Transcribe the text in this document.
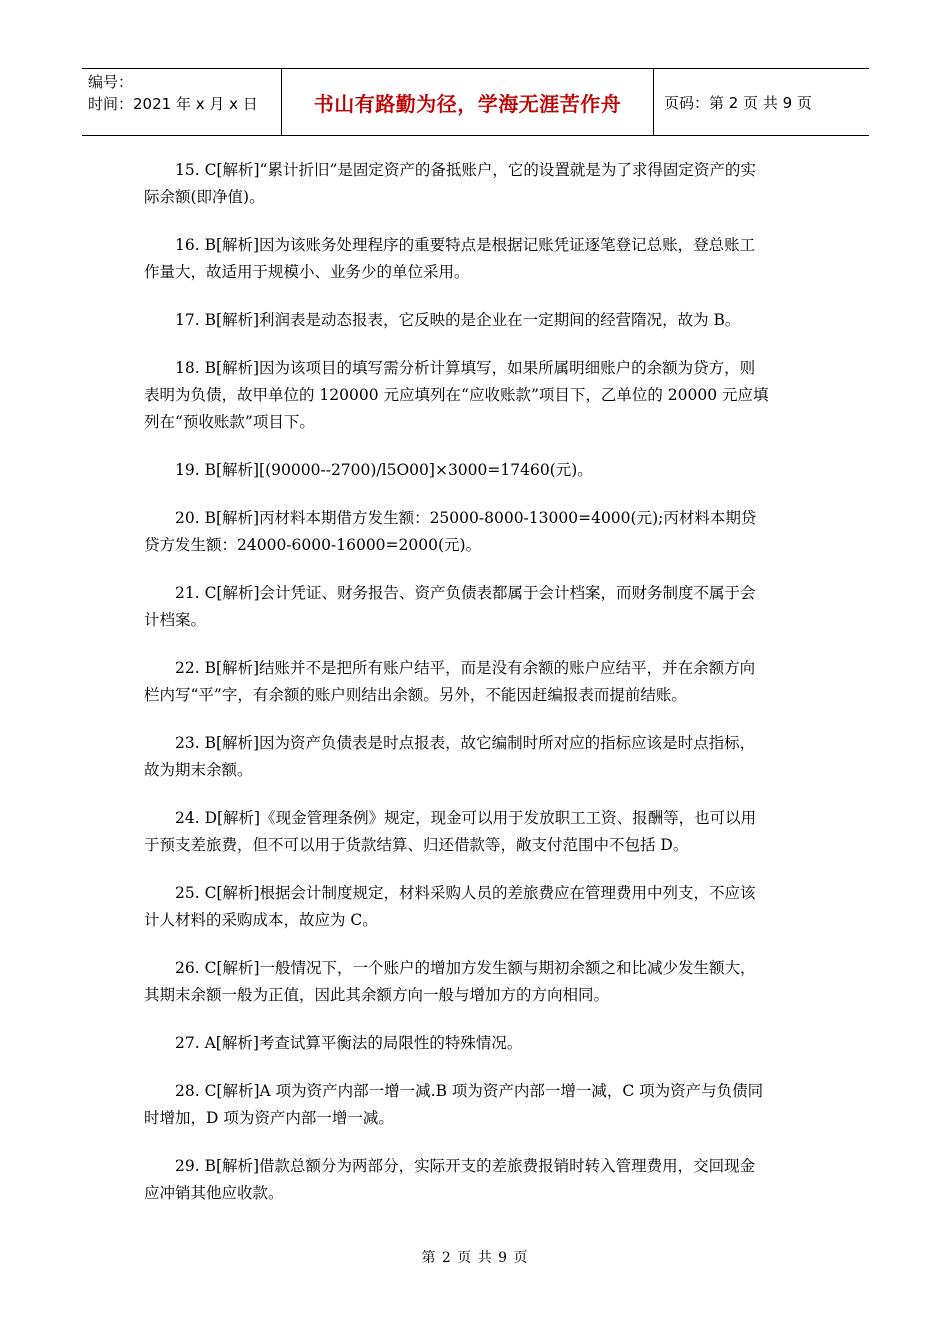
编号：
时间：2021 年 x 月 x 日	书山有路勤为径，学海无涯苦作舟	页码：第 2 页 共 9 页
15. C[解析]“累计折旧”是固定资产的备抵账户，它的设置就是为了求得固定资产的实
际余额(即净值)。
16. B[解析]因为该账务处理程序的重要特点是根据记账凭证逐笔登记总账，登总账工
作量大，故适用于规模小、业务少的单位采用。
17. B[解析]利润表是动态报表，它反映的是企业在一定期间的经营隋况，故为 B。
18. B[解析]因为该项目的填写需分析计算填写，如果所属明细账户的余额为贷方，则
表明为负债，故甲单位的 120000 元应填列在“应收账款”项目下，乙单位的 20000 元应填
列在“预收账款”项目下。
19. B[解析][(90000--2700)/l5O00]×3000=17460(元)。
20. B[解析]丙材料本期借方发生额：25000-8000-13000=4000(元);丙材料本期贷
贷方发生额：24000-6000-16000=2000(元)。
21. C[解析]会计凭证、财务报告、资产负债表都属于会计档案，而财务制度不属于会
计档案。
22. B[解析]结账并不是把所有账户结平，而是没有余额的账户应结平，并在余额方向
栏内写“平”字，有余额的账户则结出余额。另外，不能因赶编报表而提前结账。
23. B[解析]因为资产负债表是时点报表，故它编制时所对应的指标应该是时点指标，
故为期末余额。
24. D[解析]《现金管理条例》规定，现金可以用于发放职工工资、报酬等，也可以用
于预支差旅费，但不可以用于货款结算、归还借款等，敞支付范围中不包括 D。
25. C[解析]根据会计制度规定，材料采购人员的差旅费应在管理费用中列支，不应该
计人材料的采购成本，故应为 C。
26. C[解析]一般情况下，一个账户的增加方发生额与期初余额之和比减少发生额大，
其期末余额一般为正值，因此其余额方向一般与增加方的方向相同。
27. A[解析]考查试算平衡法的局限性的特殊情况。
28. C[解析]A 项为资产内部一增一减.B 项为资产内部一增一减，C 项为资产与负债同
时增加，D 项为资产内部一增一减。
29. B[解析]借款总额分为两部分，实际开支的差旅费报销时转入管理费用，交回现金
应冲销其他应收款。
第 2 页 共 9 页
